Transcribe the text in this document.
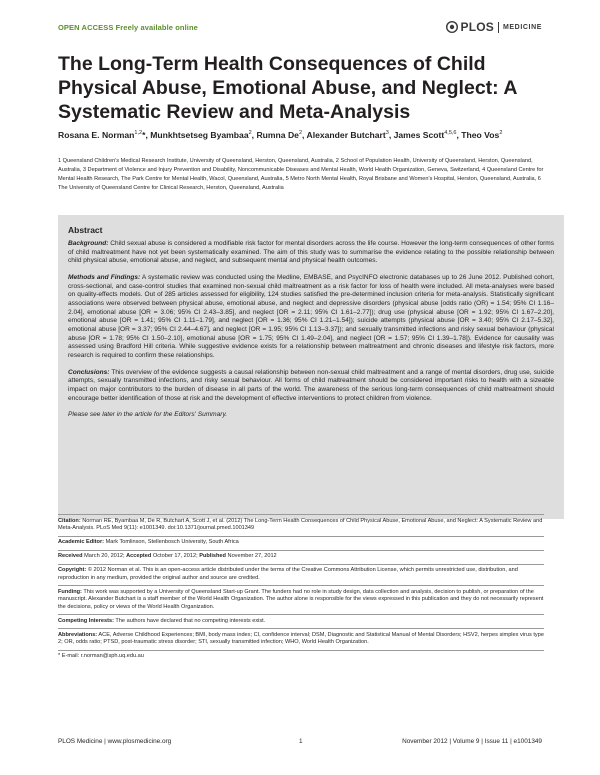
OPEN ACCESS Freely available online	PLOS MEDICINE
The Long-Term Health Consequences of Child Physical Abuse, Emotional Abuse, and Neglect: A Systematic Review and Meta-Analysis
Rosana E. Norman$^{1,2}$*, Munkhtsetseg Byambaa$^2$, Rumna De$^2$, Alexander Butchart$^3$, James Scott$^{4,5,6}$, Theo Vos$^2$
1 Queensland Children's Medical Research Institute, University of Queensland, Herston, Queensland, Australia, 2 School of Population Health, University of Queensland, Herston, Queensland, Australia, 3 Department of Violence and Injury Prevention and Disability, Noncommunicable Diseases and Mental Health, World Health Organization, Geneva, Switzerland, 4 Queensland Centre for Mental Health Research, The Park Centre for Mental Health, Wacol, Queensland, Australia, 5 Metro North Mental Health, Royal Brisbane and Women's Hospital, Herston, Queensland, Australia, 6 The University of Queensland Centre for Clinical Research, Herston, Queensland, Australia
Abstract

Background: Child sexual abuse is considered a modifiable risk factor for mental disorders across the life course. However the long-term consequences of other forms of child maltreatment have not yet been systematically examined. The aim of this study was to summarise the evidence relating to the possible relationship between child physical abuse, emotional abuse, and neglect, and subsequent mental and physical health outcomes.

Methods and Findings: A systematic review was conducted using the Medline, EMBASE, and PsycINFO electronic databases up to 26 June 2012. Published cohort, cross-sectional, and case-control studies that examined non-sexual child maltreatment as a risk factor for loss of health were included. All meta-analyses were based on quality-effects models. Out of 285 articles assessed for eligibility, 124 studies satisfied the pre-determined inclusion criteria for meta-analysis. Statistically significant associations were observed between physical abuse, emotional abuse, and neglect and depressive disorders (physical abuse [odds ratio (OR) = 1.54; 95% CI 1.16–2.04], emotional abuse [OR = 3.06; 95% CI 2.43–3.85], and neglect [OR = 2.11; 95% CI 1.61–2.77]); drug use (physical abuse [OR = 1.92; 95% CI 1.67–2.20], emotional abuse [OR = 1.41; 95% CI 1.11–1.79], and neglect [OR = 1.36; 95% CI 1.21–1.54]); suicide attempts (physical abuse [OR = 3.40; 95% CI 2.17–5.32], emotional abuse [OR = 3.37; 95% CI 2.44–4.67], and neglect [OR = 1.95; 95% CI 1.13–3.37]); and sexually transmitted infections and risky sexual behaviour (physical abuse [OR = 1.78; 95% CI 1.50–2.10], emotional abuse [OR = 1.75; 95% CI 1.49–2.04], and neglect [OR = 1.57; 95% CI 1.39–1.78]). Evidence for causality was assessed using Bradford Hill criteria. While suggestive evidence exists for a relationship between maltreatment and chronic diseases and lifestyle risk factors, more research is required to confirm these relationships.

Conclusions: This overview of the evidence suggests a causal relationship between non-sexual child maltreatment and a range of mental disorders, drug use, suicide attempts, sexually transmitted infections, and risky sexual behaviour. All forms of child maltreatment should be considered important risks to health with a sizeable impact on major contributors to the burden of disease in all parts of the world. The awareness of the serious long-term consequences of child maltreatment should encourage better identification of those at risk and the development of effective interventions to protect children from violence.

Please see later in the article for the Editors' Summary.

Citation: Norman RE, Byambaa M, De R, Butchart A, Scott J, et al. (2012) The Long-Term Health Consequences of Child Physical Abuse, Emotional Abuse, and Neglect: A Systematic Review and Meta-Analysis. PLoS Med 9(11): e1001349. doi:10.1371/journal.pmed.1001349
Academic Editor: Mark Tomlinson, Stellenbosch University, South Africa
Received March 20, 2012; Accepted October 17, 2012; Published November 27, 2012
Copyright: © 2012 Norman et al. This is an open-access article distributed under the terms of the Creative Commons Attribution License, which permits unrestricted use, distribution, and reproduction in any medium, provided the original author and source are credited.
Funding: This work was supported by a University of Queensland Start-up Grant. The funders had no role in study design, data collection and analysis, decision to publish, or preparation of the manuscript. Alexander Butchart is a staff member of the World Health Organization. The author alone is responsible for the views expressed in this publication and they do not necessarily represent the decisions, policy or views of the World Health Organization.
Competing Interests: The authors have declared that no competing interests exist.
Abbreviations: ACE, Adverse Childhood Experiences; BMI, body mass index; CI, confidence interval; DSM, Diagnostic and Statistical Manual of Mental Disorders; HSV2, herpes simplex virus type 2; OR, odds ratio; PTSD, post-traumatic stress disorder; STI, sexually transmitted infection; WHO, World Health Organization.
* E-mail: r.norman@sph.uq.edu.au
PLOS Medicine | www.plosmedicine.org	1	November 2012 | Volume 9 | Issue 11 | e1001349
